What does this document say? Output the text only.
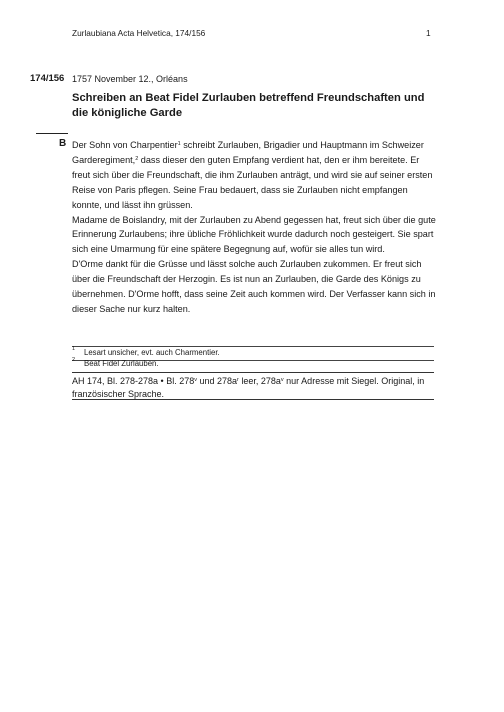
Zurlaubiana Acta Helvetica, 174/156	1
174/156 1757 November 12., Orléans
Schreiben an Beat Fidel Zurlauben betreffend Freundschaften und die königliche Garde
B Der Sohn von Charpentier$^1$ schreibt Zurlauben, Brigadier und Hauptmann im Schweizer Garderegiment,$^2$ dass dieser den guten Empfang verdient hat, den er ihm bereitete. Er freut sich über die Freundschaft, die ihm Zurlauben anträgt, und wird sie auf seiner ersten Reise von Paris pflegen. Seine Frau bedauert, dass sie Zurlauben nicht empfangen konnte, und lässt ihn grüssen.

Madame de Boislandry, mit der Zurlauben zu Abend gegessen hat, freut sich über die gute Erinnerung Zurlaubens; ihre übliche Fröhlichkeit wurde dadurch noch gesteigert. Sie spart sich eine Umarmung für eine spätere Begegnung auf, wofür sie alles tun wird.

D'Orme dankt für die Grüsse und lässt solche auch Zurlauben zukommen. Er freut sich über die Freundschaft der Herzogin. Es ist nun an Zurlauben, die Garde des Königs zu übernehmen. D'Orme hofft, dass seine Zeit auch kommen wird. Der Verfasser kann sich in dieser Sache nur kurz halten.

1 Lesart unsicher, evt. auch Charmentier.
2 Beat Fidel Zurlauben.
AH 174, Bl. 278-278a • Bl. 278$^v$ und $278a^r$ leer, $278a^v$ nur Adresse mit Siegel. Original, in französischer Sprache.
